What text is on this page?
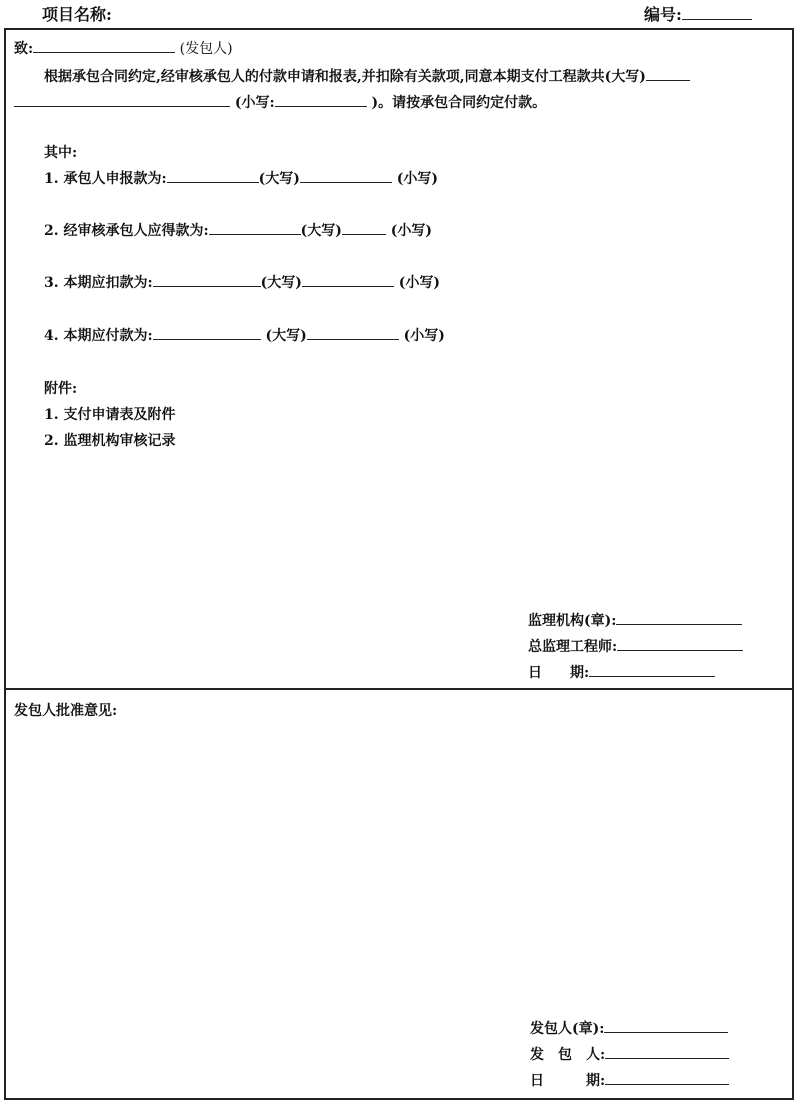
项目名称:	编号:
致:	(发包人)
根据承包合同约定,经审核承包人的付款申请和报表,并扣除有关款项,同意本期支付工程款共(大写)
(小写:	)。请按承包合同约定付款。
其中:
1. 承包人申报款为:	(大写)	(小写)
2. 经审核承包人应得款为:	(大写)	(小写)
3. 本期应扣款为:	(大写)	(小写)
4. 本期应付款为:	(大写)	(小写)
附件:
1. 支付申请表及附件
2. 监理机构审核记录
监理机构(章):
总监理工程师:
日　　期:
发包人批准意见:
发包人(章):
发　包　人:
日　　　期:
